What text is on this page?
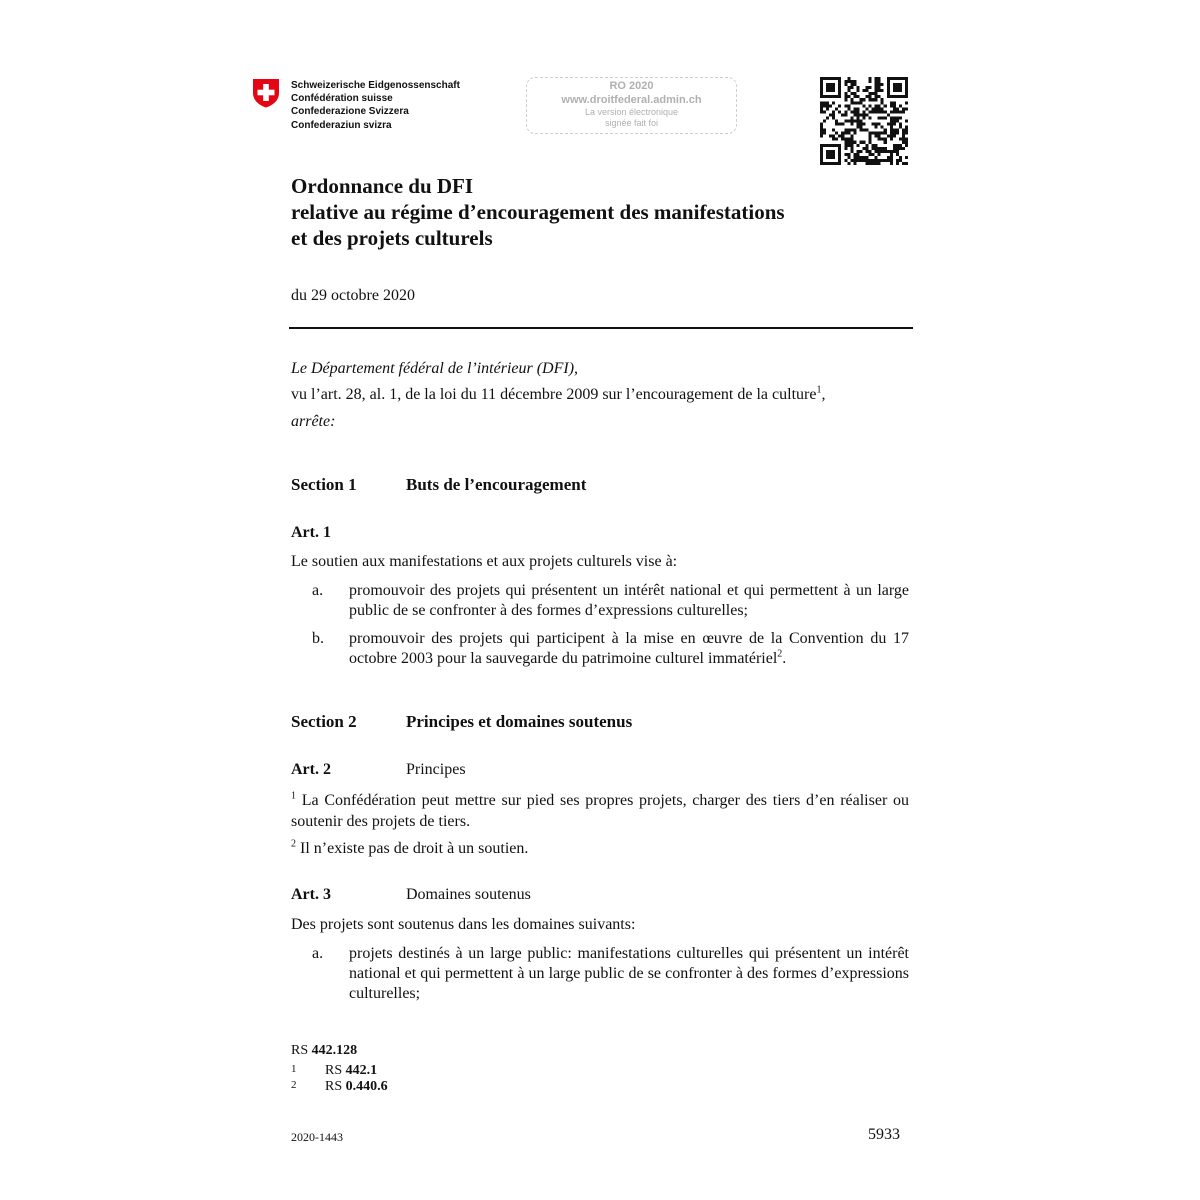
Schweizerische Eidgenossenschaft
Confédération suisse
Confederazione Svizzera
Confederaziun svizra
RO 2020
www.droitfederal.admin.ch
La version électronique
signée fait foi
Ordonnance du DFI
relative au régime d’encouragement des manifestations
et des projets culturels
du 29 octobre 2020
Le Département fédéral de l’intérieur (DFI),
vu l’art. 28, al. 1, de la loi du 11 décembre 2009 sur l’encouragement de la culture$^1$,
arrête:
Section 1	Buts de l’encouragement
Art. 1
Le soutien aux manifestations et aux projets culturels vise à:
a. promouvoir des projets qui présentent un intérêt national et qui permettent à un large public de se confronter à des formes d’expressions culturelles;
b. promouvoir des projets qui participent à la mise en œuvre de la Convention du 17 octobre 2003 pour la sauvegarde du patrimoine culturel immatériel$^2$.
Section 2	Principes et domaines soutenus
Art. 2	Principes
$^1$ La Confédération peut mettre sur pied ses propres projets, charger des tiers d’en réaliser ou soutenir des projets de tiers.
$^2$ Il n’existe pas de droit à un soutien.
Art. 3	Domaines soutenus
Des projets sont soutenus dans les domaines suivants:
a. projets destinés à un large public: manifestations culturelles qui présentent un intérêt national et qui permettent à un large public de se confronter à des formes d’expressions culturelles;
RS 442.128
1 RS 442.1
2 RS 0.440.6
2020-1443	5933
